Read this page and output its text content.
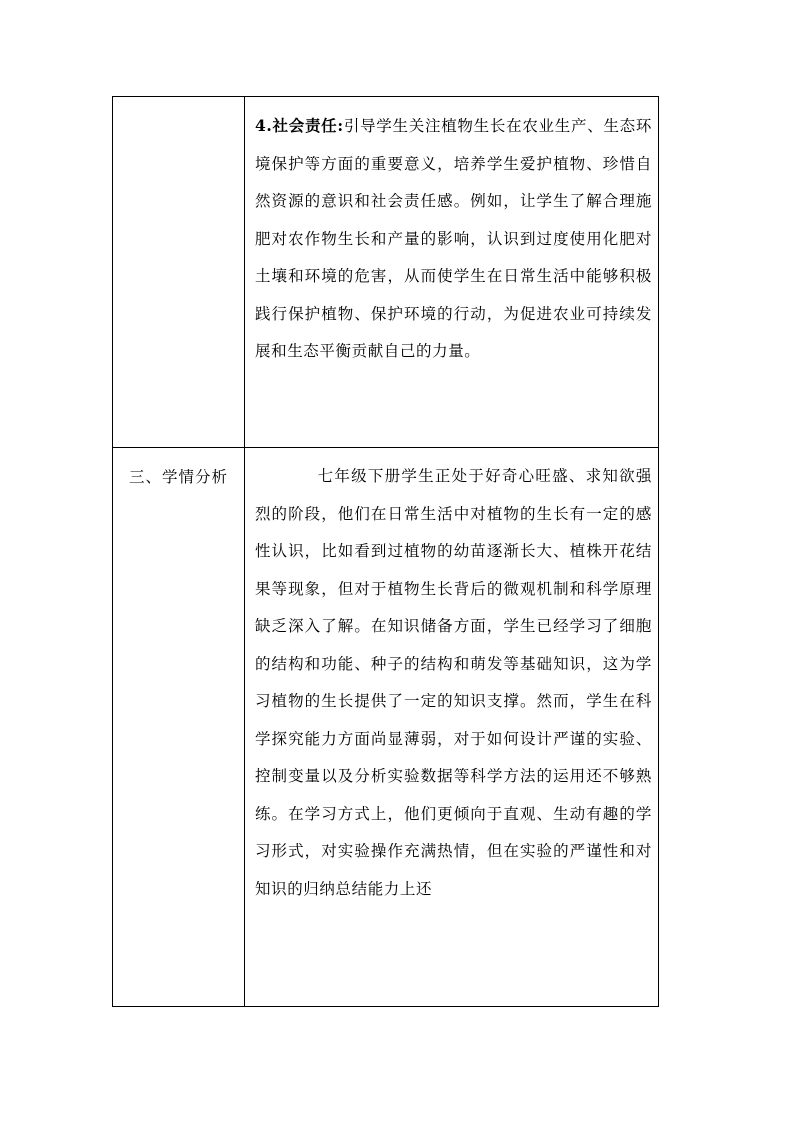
	4.社会责任:引导学生关注植物生长在农业生产、生态环境保护等方面的重要意义，培养学生爱护植物、珍惜自然资源的意识和社会责任感。例如，让学生了解合理施肥对农作物生长和产量的影响，认识到过度使用化肥对土壤和环境的危害，从而使学生在日常生活中能够积极践行保护植物、保护环境的行动，为促进农业可持续发展和生态平衡贡献自己的力量。

三、学情分析	七年级下册学生正处于好奇心旺盛、求知欲强烈的阶段，他们在日常生活中对植物的生长有一定的感性认识，比如看到过植物的幼苗逐渐长大、植株开花结果等现象，但对于植物生长背后的微观机制和科学原理缺乏深入了解。在知识储备方面，学生已经学习了细胞的结构和功能、种子的结构和萌发等基础知识，这为学习植物的生长提供了一定的知识支撑。然而，学生在科学探究能力方面尚显薄弱，对于如何设计严谨的实验、控制变量以及分析实验数据等科学方法的运用还不够熟练。在学习方式上，他们更倾向于直观、生动有趣的学习形式，对实验操作充满热情，但在实验的严谨性和对知识的归纳总结能力上还
